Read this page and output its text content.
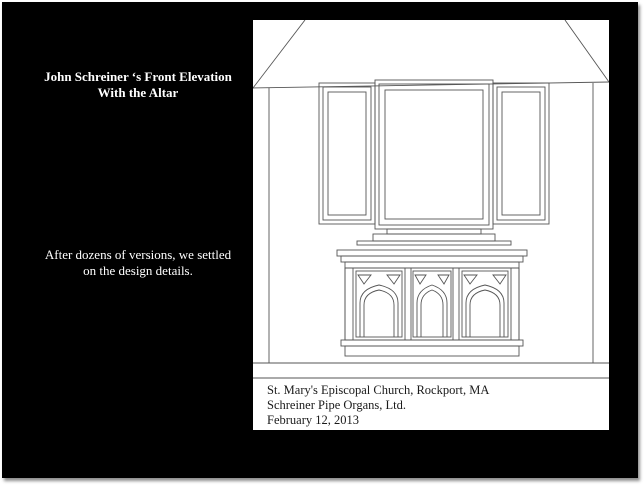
John Schreiner ‘s Front Elevation
With the Altar
After dozens of versions, we settled
on the design details.
St. Mary's Episcopal Church, Rockport, MA
Schreiner Pipe Organs, Ltd.
February 12, 2013
